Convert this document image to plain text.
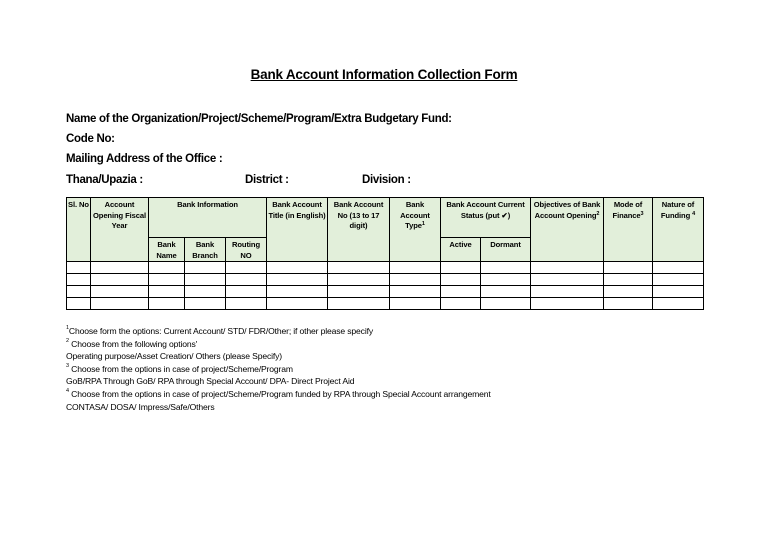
Bank Account Information Collection Form
Name of the Organization/Project/Scheme/Program/Extra Budgetary Fund:
Code No:
Mailing Address of the Office :
Thana/Upazia :	District :	Division :
Sl. No	Account Opening Fiscal Year	Bank Information			Bank Account Title (in English)	Bank Account No (13 to 17 digit)	Bank Account Type$^1$	Bank Account Current Status (put ✔)		Objectives of Bank Account Opening$^2$	Mode of Finance$^3$	Nature of Funding $^4$
		Bank Name	Bank Branch	Routing NO				Active	Dormant			

$^1$Choose form the options: Current Account/ STD/ FDR/Other; if other please specify
$^2$ Choose from the following options'
Operating purpose/Asset Creation/ Others (please Specify)
$^3$ Choose from the options in case of project/Scheme/Program
GoB/RPA Through GoB/ RPA through Special Account/ DPA- Direct Project Aid
$^4$ Choose from the options in case of project/Scheme/Program funded by RPA through Special Account arrangement
CONTASA/ DOSA/ Impress/Safe/Others
